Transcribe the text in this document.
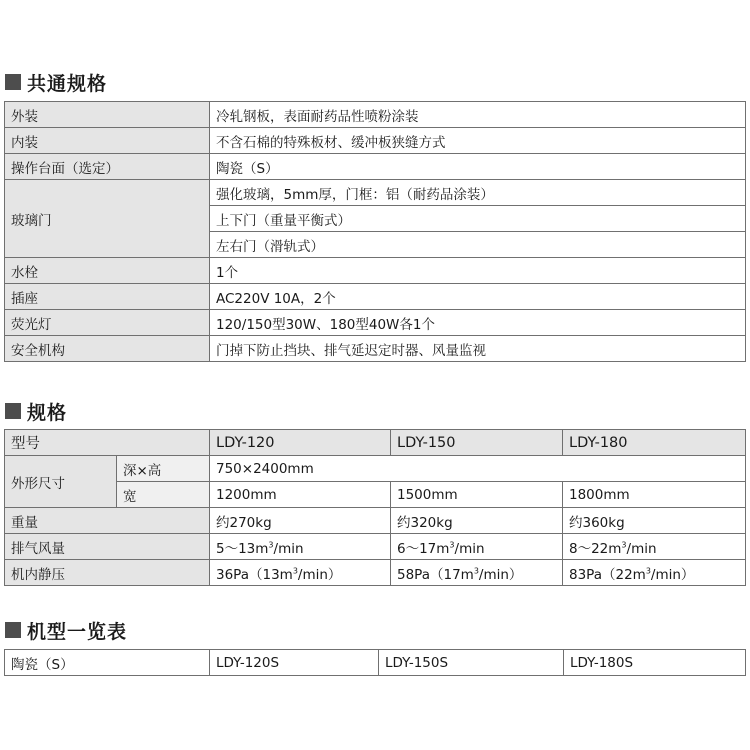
共通规格
外装	冷轧钢板，表面耐药品性喷粉涂装
内装	不含石棉的特殊板材、缓冲板狭缝方式
操作台面（选定）	陶瓷（S）
玻璃门	强化玻璃，5mm厚，门框：铝（耐药品涂装）
	上下门（重量平衡式）
	左右门（滑轨式）
水栓	1个
插座	AC220V 10A，2个
荧光灯	120/150型30W、180型40W各1个
安全机构	门掉下防止挡块、排气延迟定时器、风量监视
规格
型号		LDY-120	LDY-150	LDY-180
外形尺寸	深×高	750×2400mm		
	宽	1200mm	1500mm	1800mm
重量		约270kg	约320kg	约360kg
排气风量		$5\sim 13m^3/\min$	$6\sim 17m^3/\min$	$8\sim 22m^3/\min$
机内静压		$36Pa(13m^3/\min)$	$58Pa(17m^3/\min)$	$83Pa(22m^3/\min)$
机型一览表
陶瓷（S）	LDY-120S	LDY-150S	LDY-180S
